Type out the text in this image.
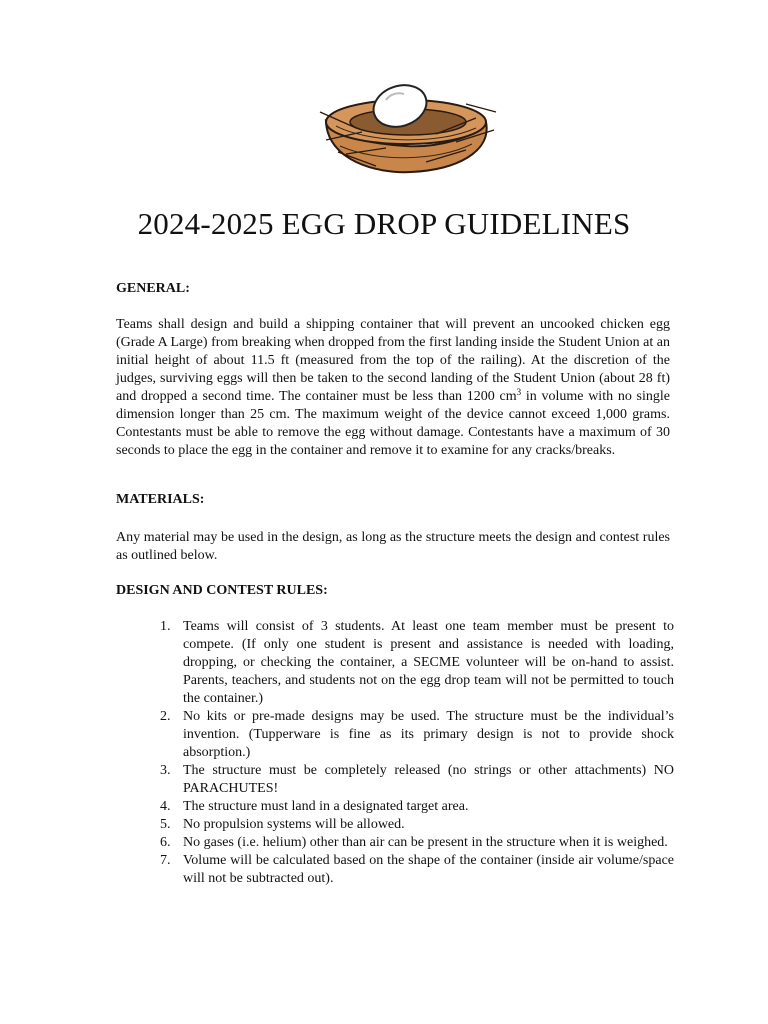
2024-2025 EGG DROP GUIDELINES
GENERAL:
Teams shall design and build a shipping container that will prevent an uncooked chicken egg (Grade A Large) from breaking when dropped from the first landing inside the Student Union at an initial height of about 11.5 ft (measured from the top of the railing). At the discretion of the judges, surviving eggs will then be taken to the second landing of the Student Union (about 28 ft) and dropped a second time. The container must be less than 1200 $cm^3$ in volume with no single dimension longer than 25 cm. The maximum weight of the device cannot exceed 1,000 grams. Contestants must be able to remove the egg without damage. Contestants have a maximum of 30 seconds to place the egg in the container and remove it to examine for any cracks/breaks.
MATERIALS:
Any material may be used in the design, as long as the structure meets the design and contest rules as outlined below.
DESIGN AND CONTEST RULES:
1. Teams will consist of 3 students. At least one team member must be present to compete. (If only one student is present and assistance is needed with loading, dropping, or checking the container, a SECME volunteer will be on-hand to assist. Parents, teachers, and students not on the egg drop team will not be permitted to touch the container.)
2. No kits or pre-made designs may be used. The structure must be the individual’s invention. (Tupperware is fine as its primary design is not to provide shock absorption.)
3. The structure must be completely released (no strings or other attachments) NO PARACHUTES!
4. The structure must land in a designated target area.
5. No propulsion systems will be allowed.
6. No gases (i.e. helium) other than air can be present in the structure when it is weighed.
7. Volume will be calculated based on the shape of the container (inside air volume/space will not be subtracted out).
